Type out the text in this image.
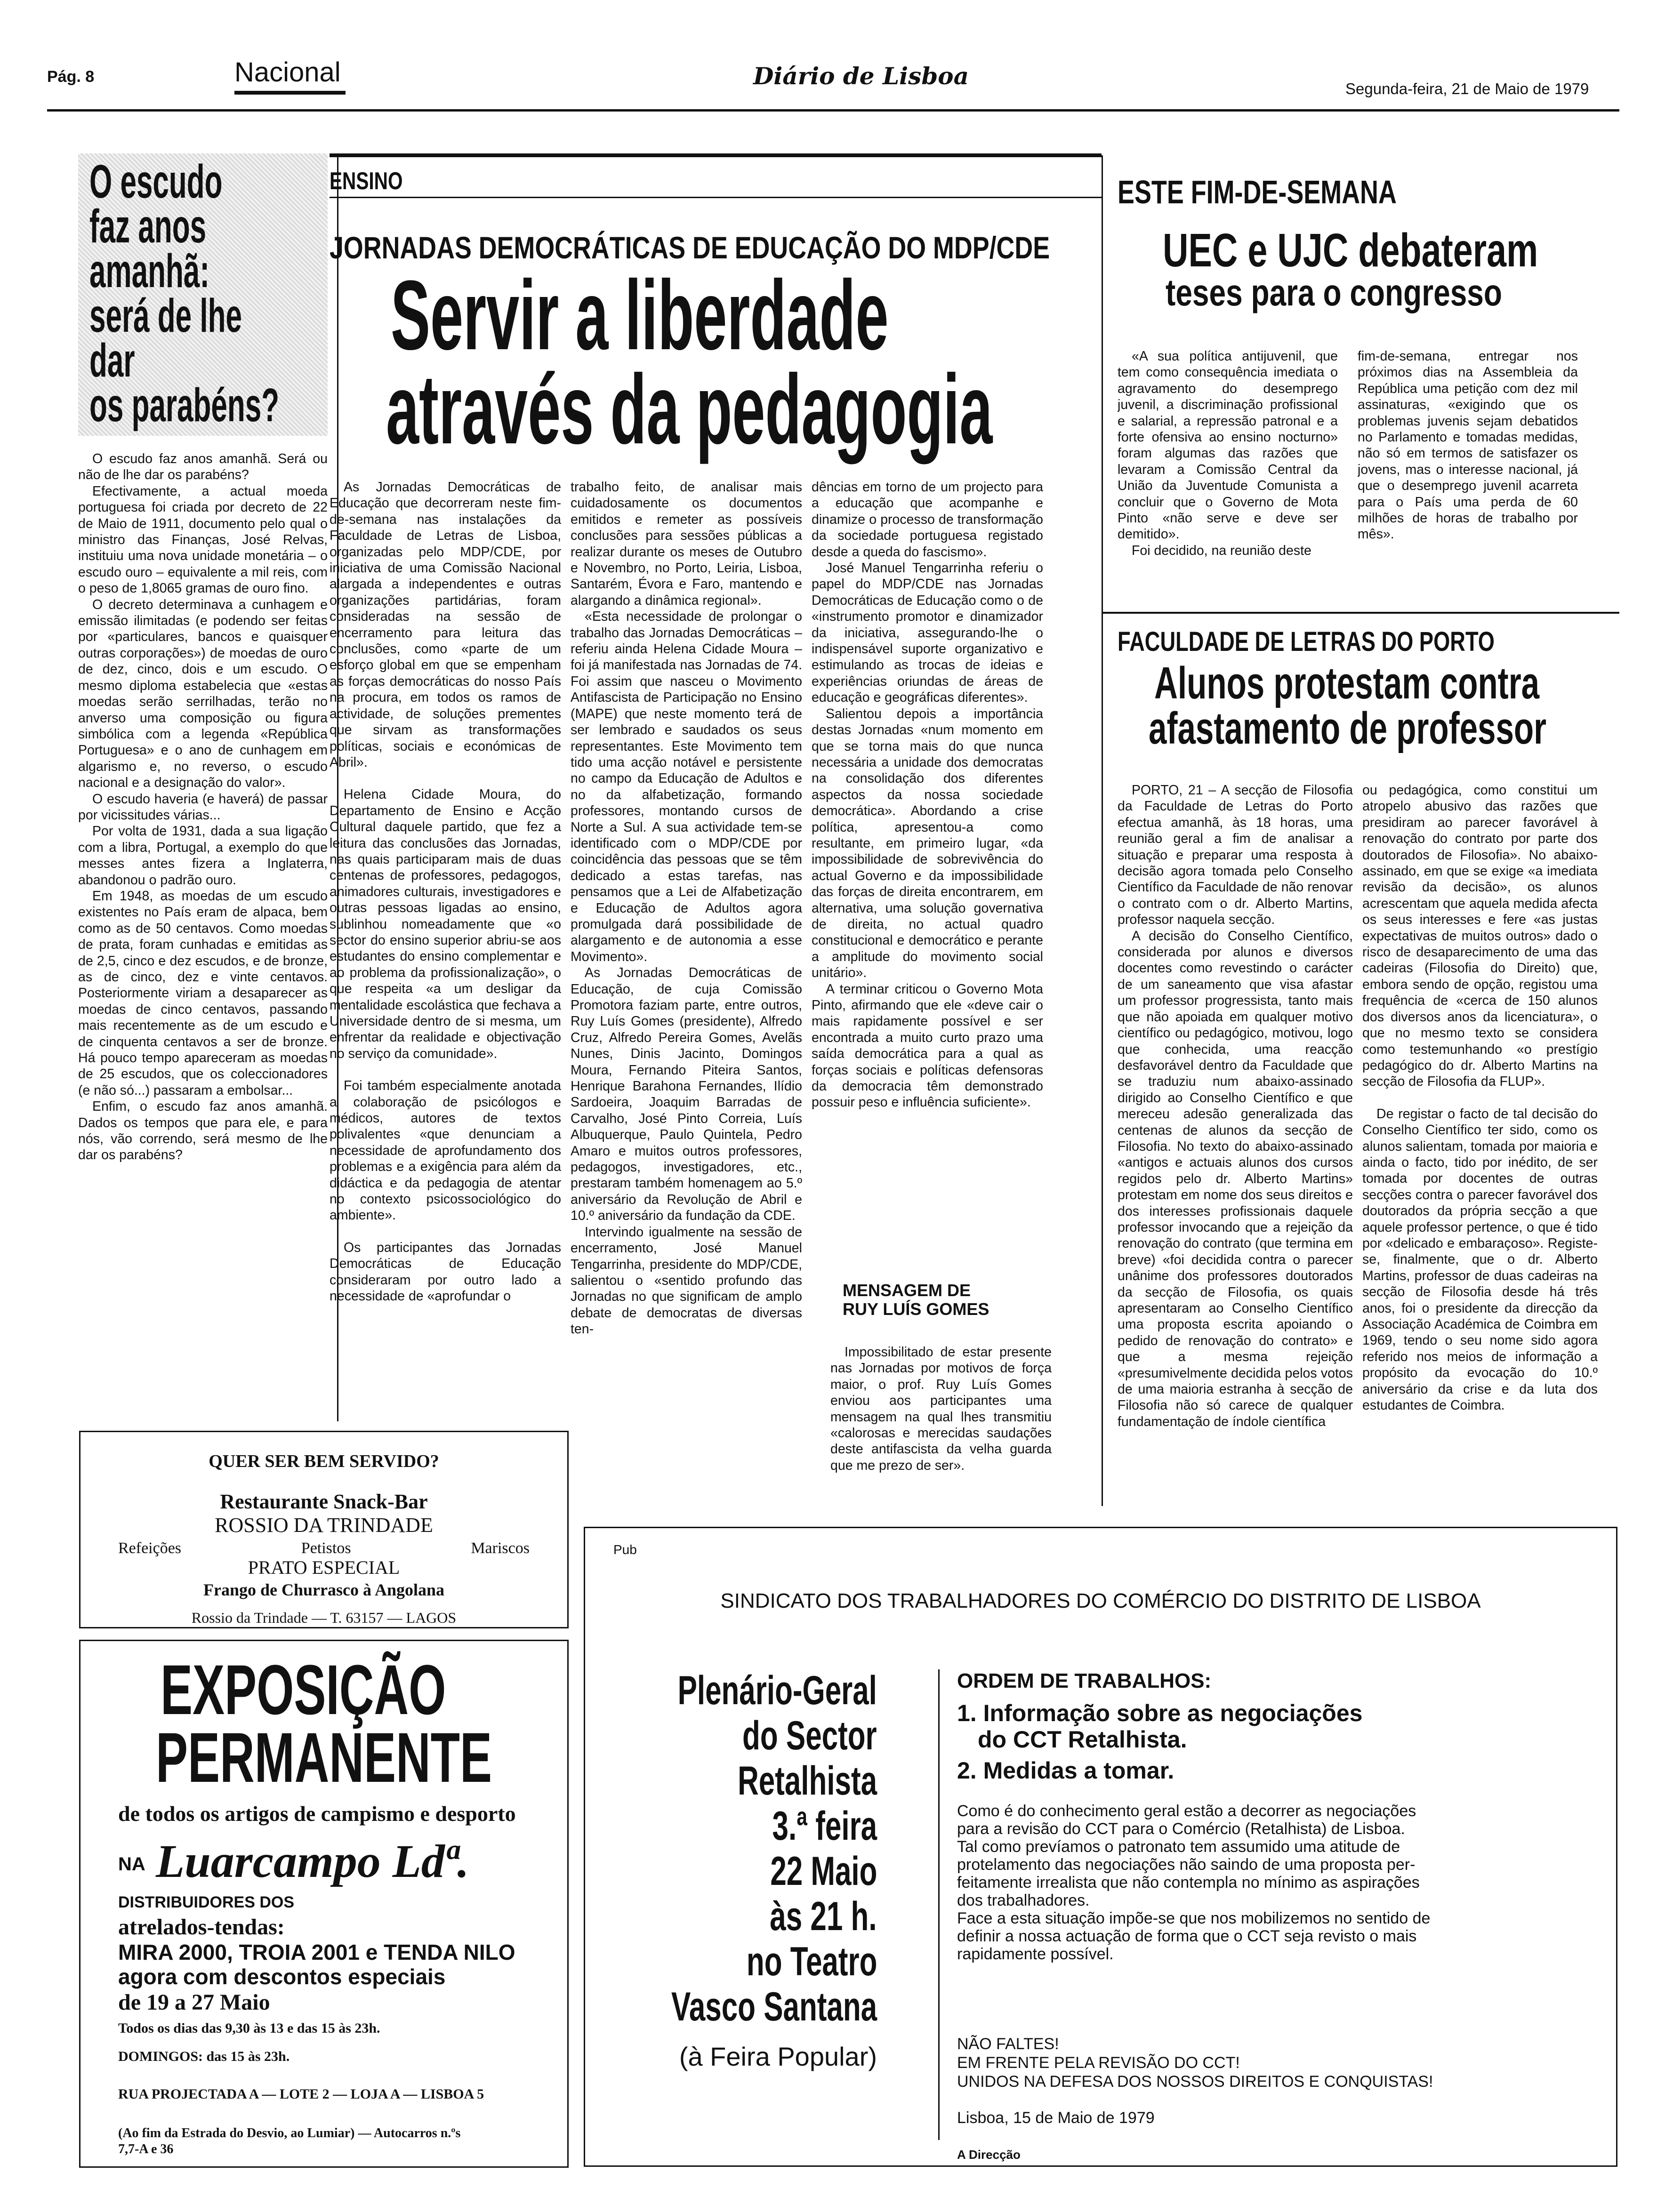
Pág. 8	Nacional	Diário de Lisboa	Segunda-feira, 21 de Maio de 1979
O escudo
faz anos
amanhã:
será de lhe
dar
os parabéns?

O escudo faz anos amanhã. Será ou não de lhe dar os parabéns?

Efectivamente, a actual moeda portuguesa foi criada por decreto de 22 de Maio de 1911, documento pelo qual o ministro das Finanças, José Relvas, instituiu uma nova unidade monetária – o escudo ouro – equivalente a mil reis, com o peso de 1,8065 gramas de ouro fino.

O decreto determinava a cunhagem e emissão ilimitadas (e podendo ser feitas por «particulares, bancos e quaisquer outras corporações») de moedas de ouro de dez, cinco, dois e um escudo. O mesmo diploma estabelecia que «estas moedas serão serrilhadas, terão no anverso uma composição ou figura simbólica com a legenda «República Portuguesa» e o ano de cunhagem em algarismo e, no reverso, o escudo nacional e a designação do valor».

O escudo haveria (e haverá) de passar por vicissitudes várias...

Por volta de 1931, dada a sua ligação com a libra, Portugal, a exemplo do que messes antes fizera a Inglaterra, abandonou o padrão ouro.

Em 1948, as moedas de um escudo existentes no País eram de alpaca, bem como as de 50 centavos. Como moedas de prata, foram cunhadas e emitidas as de 2,5, cinco e dez escudos, e de bronze, as de cinco, dez e vinte centavos. Posteriormente viriam a desaparecer as moedas de cinco centavos, passando mais recentemente as de um escudo e de cinquenta centavos a ser de bronze. Há pouco tempo apareceram as moedas de 25 escudos, que os coleccionadores (e não só...) passaram a embolsar...

Enfim, o escudo faz anos amanhã. Dados os tempos que para ele, e para nós, vão correndo, será mesmo de lhe dar os parabéns?

ENSINO
JORNADAS DEMOCRÁTICAS DE EDUCAÇÃO DO MDP/CDE
Servir a liberdade
através da pedagogia

As Jornadas Democráticas de Educação que decorreram neste fim-de-semana nas instalações da Faculdade de Letras de Lisboa, organizadas pelo MDP/CDE, por iniciativa de uma Comissão Nacional alargada a independentes e outras organizações partidárias, foram consideradas na sessão de encerramento para leitura das conclusões, como «parte de um esforço global em que se empenham as forças democráticas do nosso País na procura, em todos os ramos de actividade, de soluções prementes que sirvam as transformações políticas, sociais e económicas de Abril».

Helena Cidade Moura, do Departamento de Ensino e Acção Cultural daquele partido, que fez a leitura das conclusões das Jornadas, nas quais participaram mais de duas centenas de professores, pedagogos, animadores culturais, investigadores e outras pessoas ligadas ao ensino, sublinhou nomeadamente que «o sector do ensino superior abriu-se aos estudantes do ensino complementar e ao problema da profissionalização», o que respeita «a um desligar da mentalidade escolástica que fechava a Universidade dentro de si mesma, um enfrentar da realidade e objectivação no serviço da comunidade».

Foi também especialmente anotada a colaboração de psicólogos e médicos, autores de textos polivalentes «que denunciam a necessidade de aprofundamento dos problemas e a exigência para além da didáctica e da pedagogia de atentar no contexto psicossociológico do ambiente».

Os participantes das Jornadas Democráticas de Educação consideraram por outro lado a necessidade de «aprofundar o

trabalho feito, de analisar mais cuidadosamente os documentos emitidos e remeter as possíveis conclusões para sessões públicas a realizar durante os meses de Outubro e Novembro, no Porto, Leiria, Lisboa, Santarém, Évora e Faro, mantendo e alargando a dinâmica regional».

«Esta necessidade de prolongar o trabalho das Jornadas Democráticas – referiu ainda Helena Cidade Moura – foi já manifestada nas Jornadas de 74. Foi assim que nasceu o Movimento Antifascista de Participação no Ensino (MAPE) que neste momento terá de ser lembrado e saudados os seus representantes. Este Movimento tem tido uma acção notável e persistente no campo da Educação de Adultos e no da alfabetização, formando professores, montando cursos de Norte a Sul. A sua actividade tem-se identificado com o MDP/CDE por coincidência das pessoas que se têm dedicado a estas tarefas, nas pensamos que a Lei de Alfabetização e Educação de Adultos agora promulgada dará possibilidade de alargamento e de autonomia a esse Movimento».

As Jornadas Democráticas de Educação, de cuja Comissão Promotora faziam parte, entre outros, Ruy Luís Gomes (presidente), Alfredo Cruz, Alfredo Pereira Gomes, Avelãs Nunes, Dinis Jacinto, Domingos Moura, Fernando Piteira Santos, Henrique Barahona Fernandes, Ilídio Sardoeira, Joaquim Barradas de Carvalho, José Pinto Correia, Luís Albuquerque, Paulo Quintela, Pedro Amaro e muitos outros professores, pedagogos, investigadores, etc., prestaram também homenagem ao 5.º aniversário da Revolução de Abril e 10.º aniversário da fundação da CDE.

Intervindo igualmente na sessão de encerramento, José Manuel Tengarrinha, presidente do MDP/CDE, salientou o «sentido profundo das Jornadas no que significam de amplo debate de democratas de diversas ten-

dências em torno de um projecto para a educação que acompanhe e dinamize o processo de transformação da sociedade portuguesa registado desde a queda do fascismo».

José Manuel Tengarrinha referiu o papel do MDP/CDE nas Jornadas Democráticas de Educação como o de «instrumento promotor e dinamizador da iniciativa, assegurando-lhe o indispensável suporte organizativo e estimulando as trocas de ideias e experiências oriundas de áreas de educação e geográficas diferentes».

Salientou depois a importância destas Jornadas «num momento em que se torna mais do que nunca necessária a unidade dos democratas na consolidação dos diferentes aspectos da nossa sociedade democrática». Abordando a crise política, apresentou-a como resultante, em primeiro lugar, «da impossibilidade de sobrevivência do actual Governo e da impossibilidade das forças de direita encontrarem, em alternativa, uma solução governativa de direita, no actual quadro constitucional e democrático e perante a amplitude do movimento social unitário».

A terminar criticou o Governo Mota Pinto, afirmando que ele «deve cair o mais rapidamente possível e ser encontrada a muito curto prazo uma saída democrática para a qual as forças sociais e políticas defensoras da democracia têm demonstrado possuir peso e influência suficiente».

MENSAGEM DE
RUY LUÍS GOMES

Impossibilitado de estar presente nas Jornadas por motivos de força maior, o prof. Ruy Luís Gomes enviou aos participantes uma mensagem na qual lhes transmitiu «calorosas e merecidas saudações deste antifascista da velha guarda que me prezo de ser».

ESTE FIM-DE-SEMANA
UEC e UJC debateram
teses para o congresso

«A sua política antijuvenil, que tem como consequência imediata o agravamento do desemprego juvenil, a discriminação profissional e salarial, a repressão patronal e a forte ofensiva ao ensino nocturno» foram algumas das razões que levaram a Comissão Central da União da Juventude Comunista a concluir que o Governo de Mota Pinto «não serve e deve ser demitido».

Foi decidido, na reunião deste

fim-de-semana, entregar nos próximos dias na Assembleia da República uma petição com dez mil assinaturas, «exigindo que os problemas juvenis sejam debatidos no Parlamento e tomadas medidas, não só em termos de satisfazer os jovens, mas o interesse nacional, já que o desemprego juvenil acarreta para o País uma perda de 60 milhões de horas de trabalho por mês».

FACULDADE DE LETRAS DO PORTO
Alunos protestam contra
afastamento de professor

PORTO, 21 – A secção de Filosofia da Faculdade de Letras do Porto efectua amanhã, às 18 horas, uma reunião geral a fim de analisar a situação e preparar uma resposta à decisão agora tomada pelo Conselho Científico da Faculdade de não renovar o contrato com o dr. Alberto Martins, professor naquela secção.

A decisão do Conselho Científico, considerada por alunos e diversos docentes como revestindo o carácter de um saneamento que visa afastar um professor progressista, tanto mais que não apoiada em qualquer motivo científico ou pedagógico, motivou, logo que conhecida, uma reacção desfavorável dentro da Faculdade que se traduziu num abaixo-assinado dirigido ao Conselho Científico e que mereceu adesão generalizada das centenas de alunos da secção de Filosofia. No texto do abaixo-assinado «antigos e actuais alunos dos cursos regidos pelo dr. Alberto Martins» protestam em nome dos seus direitos e dos interesses profissionais daquele professor invocando que a rejeição da renovação do contrato (que termina em breve) «foi decidida contra o parecer unânime dos professores doutorados da secção de Filosofia, os quais apresentaram ao Conselho Científico uma proposta escrita apoiando o pedido de renovação do contrato» e que a mesma rejeição «presumivelmente decidida pelos votos de uma maioria estranha à secção de Filosofia não só carece de qualquer fundamentação de índole científica

ou pedagógica, como constitui um atropelo abusivo das razões que presidiram ao parecer favorável à renovação do contrato por parte dos doutorados de Filosofia». No abaixo-assinado, em que se exige «a imediata revisão da decisão», os alunos acrescentam que aquela medida afecta os seus interesses e fere «as justas expectativas de muitos outros» dado o risco de desaparecimento de uma das cadeiras (Filosofia do Direito) que, embora sendo de opção, registou uma frequência de «cerca de 150 alunos dos diversos anos da licenciatura», o que no mesmo texto se considera como testemunhando «o prestígio pedagógico do dr. Alberto Martins na secção de Filosofia da FLUP».

De registar o facto de tal decisão do Conselho Científico ter sido, como os alunos salientam, tomada por maioria e ainda o facto, tido por inédito, de ser tomada por docentes de outras secções contra o parecer favorável dos doutorados da própria secção a que aquele professor pertence, o que é tido por «delicado e embaraçoso». Registe-se, finalmente, que o dr. Alberto Martins, professor de duas cadeiras na secção de Filosofia desde há três anos, foi o presidente da direcção da Associação Académica de Coimbra em 1969, tendo o seu nome sido agora referido nos meios de informação a propósito da evocação do 10.º aniversário da crise e da luta dos estudantes de Coimbra.

QUER SER BEM SERVIDO?
Restaurante Snack-Bar
ROSSIO DA TRINDADE
Refeições	Petistos	Mariscos
PRATO ESPECIAL
Frango de Churrasco à Angolana
Rossio da Trindade — T. 63157 — LAGOS
EXPOSIÇÃO
PERMANENTE
de todos os artigos de campismo e desporto
NA Luarcampo Ldª.
DISTRIBUIDORES DOS
atrelados-tendas:
MIRA 2000, TROIA 2001 e TENDA NILO
agora com descontos especiais
de 19 a 27 Maio
Todos os dias das 9,30 às 13 e das 15 às 23h.
DOMINGOS: das 15 às 23h.
RUA PROJECTADA A — LOTE 2 — LOJA A — LISBOA 5
(Ao fim da Estrada do Desvio, ao Lumiar) — Autocarros n.ºs
7,7-A e 36
Pub
SINDICATO DOS TRABALHADORES DO COMÉRCIO DO DISTRITO DE LISBOA
Plenário-Geral
do Sector
Retalhista
3.ª feira
22 Maio
às 21 h.
no Teatro
Vasco Santana
(à Feira Popular)
ORDEM DE TRABALHOS:
1. Informação sobre as negociações
do CCT Retalhista.
2. Medidas a tomar.
Como é do conhecimento geral estão a decorrer as negociações
para a revisão do CCT para o Comércio (Retalhista) de Lisboa.
Tal como prevíamos o patronato tem assumido uma atitude de
protelamento das negociações não saindo de uma proposta per-
feitamente irrealista que não contempla no mínimo as aspirações
dos trabalhadores.
Face a esta situação impõe-se que nos mobilizemos no sentido de
definir a nossa actuação de forma que o CCT seja revisto o mais
rapidamente possível.
NÃO FALTES!
EM FRENTE PELA REVISÃO DO CCT!
UNIDOS NA DEFESA DOS NOSSOS DIREITOS E CONQUISTAS!
Lisboa, 15 de Maio de 1979
A Direcção
